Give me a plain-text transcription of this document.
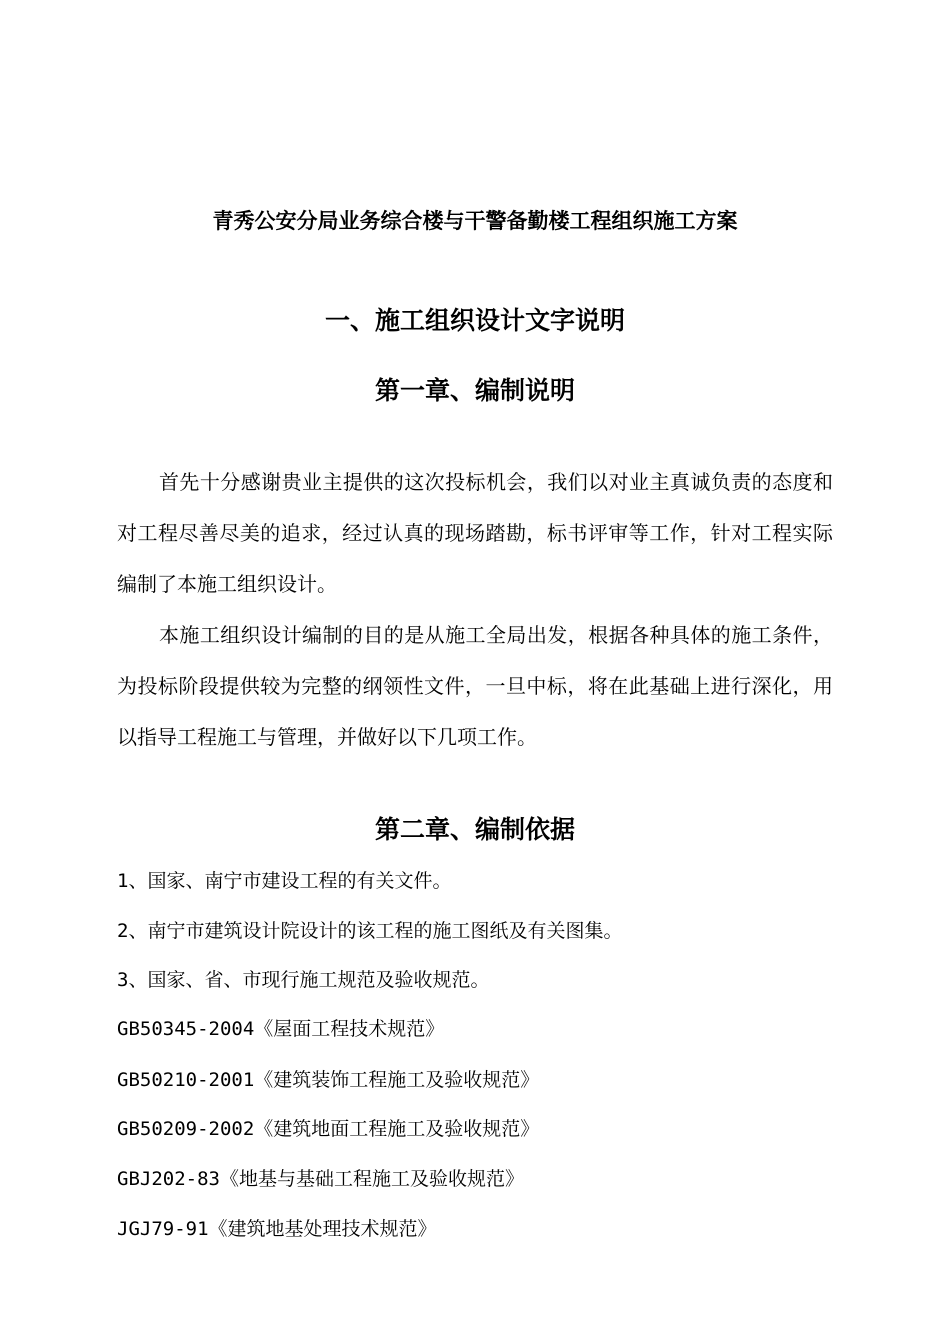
青秀公安分局业务综合楼与干警备勤楼工程组织施工方案
一、施工组织设计文字说明
第一章、编制说明

首先十分感谢贵业主提供的这次投标机会，我们以对业主真诚负责的态度和对工程尽善尽美的追求，经过认真的现场踏勘，标书评审等工作，针对工程实际编制了本施工组织设计。

本施工组织设计编制的目的是从施工全局出发，根据各种具体的施工条件，为投标阶段提供较为完整的纲领性文件，一旦中标，将在此基础上进行深化，用以指导工程施工与管理，并做好以下几项工作。

第二章、编制依据
1、国家、南宁市建设工程的有关文件。
2、南宁市建筑设计院设计的该工程的施工图纸及有关图集。
3、国家、省、市现行施工规范及验收规范。
GB50345-2004《屋面工程技术规范》
GB50210-2001《建筑装饰工程施工及验收规范》
GB50209-2002《建筑地面工程施工及验收规范》
GBJ202-83《地基与基础工程施工及验收规范》
JGJ79-91《建筑地基处理技术规范》
